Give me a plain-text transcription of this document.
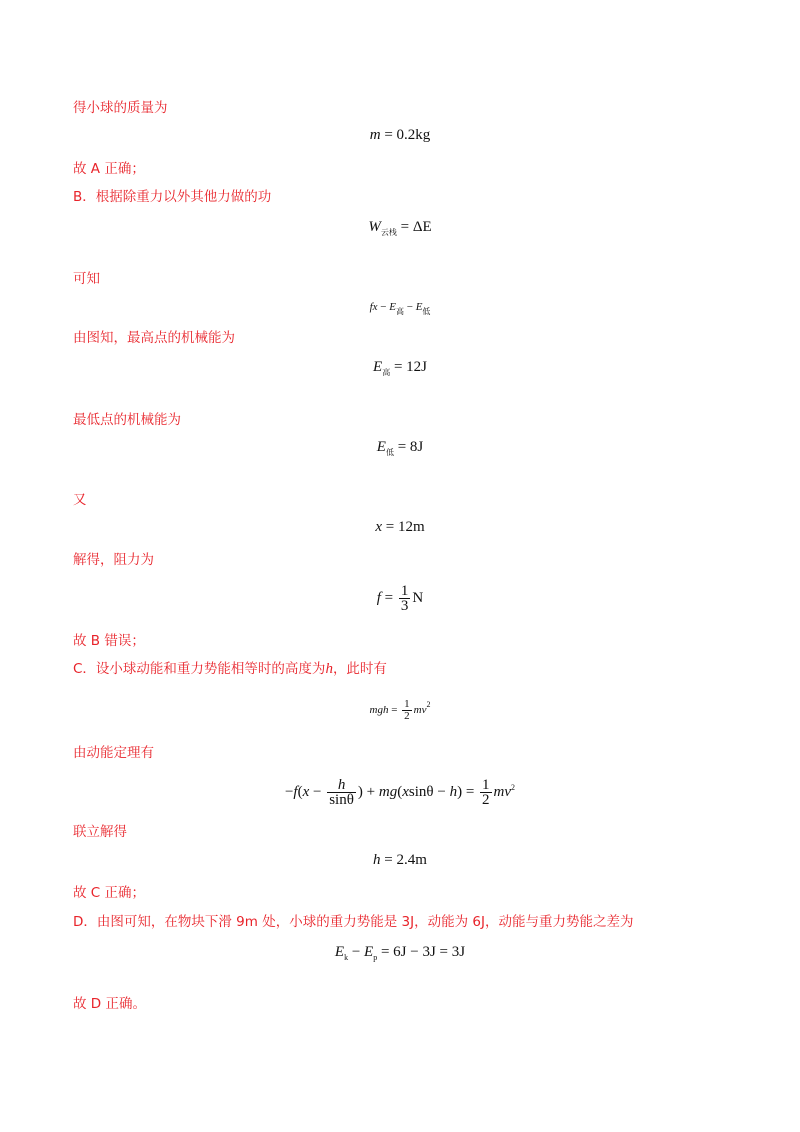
得小球的质量为
m = 0.2kg
故 A 正确；
B．根据除重力以外其他力做的功
$W_{云栈} = \Delta E$
可知
fx − $E_高 - E_低$
由图知，最高点的机械能为
$E_高 = 12J$
最低点的机械能为
$E_低 = 8J$
又
x = 12m
解得，阻力为
$f = \frac{1}{3}$ N
故 B 错误；
C．设小球动能和重力势能相等时的高度为h，此时有
mgh = $\frac{1}{2} mv^2$
由动能定理有
$-f(x - \frac{h}{\sin\theta}$ ) + $mg(xsin\theta - h) = \frac{1}{2} mv^2$
联立解得
h = 2.4m
故 C 正确；
D．由图可知，在物块下滑 9m 处，小球的重力势能是 3J，动能为 6J，动能与重力势能之差为
$E_k - E_p = 6J - 3J = 3J$
故 D 正确。
